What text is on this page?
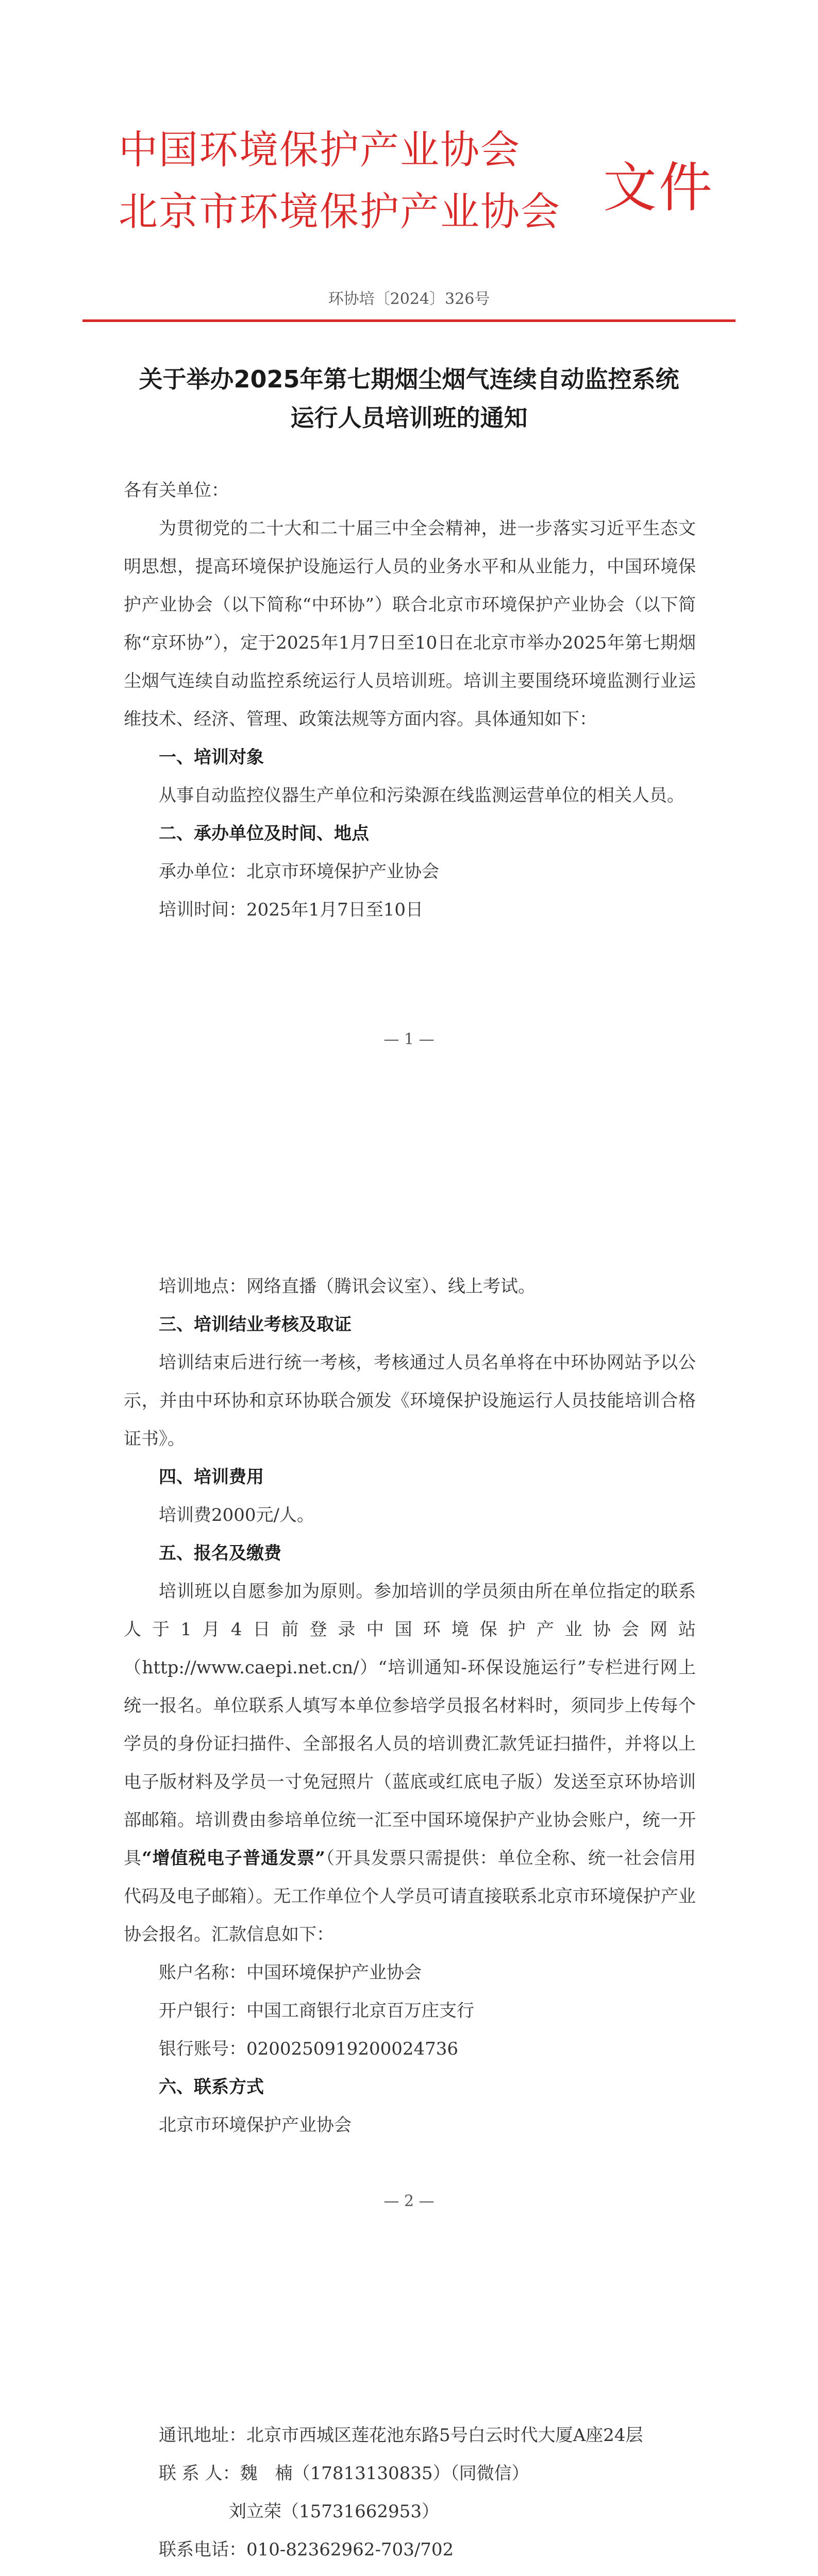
中国环境保护产业协会
北京市环境保护产业协会 文件
环协培〔2024〕326号
关于举办2025年第七期烟尘烟气连续自动监控系统
运行人员培训班的通知

各有关单位：

为贯彻党的二十大和二十届三中全会精神，进一步落实习近平生态文明思想，提高环境保护设施运行人员的业务水平和从业能力，中国环境保护产业协会（以下简称“中环协”）联合北京市环境保护产业协会（以下简称“京环协”），定于2025年1月7日至10日在北京市举办2025年第七期烟尘烟气连续自动监控系统运行人员培训班。培训主要围绕环境监测行业运维技术、经济、管理、政策法规等方面内容。具体通知如下：

一、培训对象

从事自动监控仪器生产单位和污染源在线监测运营单位的相关人员。

二、承办单位及时间、地点

承办单位：北京市环境保护产业协会

培训时间：2025年1月7日至10日

— 1 —

培训地点：网络直播（腾讯会议室）、线上考试。

三、培训结业考核及取证

培训结束后进行统一考核，考核通过人员名单将在中环协网站予以公示，并由中环协和京环协联合颁发《环境保护设施运行人员技能培训合格证书》。

四、培训费用

培训费2000元/人。

五、报名及缴费

培训班以自愿参加为原则。参加培训的学员须由所在单位指定的联系人于1月4日前登录中国环境保护产业协会网站（http://www.caepi.net.cn/）“培训通知-环保设施运行”专栏进行网上统一报名。单位联系人填写本单位参培学员报名材料时，须同步上传每个学员的身份证扫描件、全部报名人员的培训费汇款凭证扫描件，并将以上电子版材料及学员一寸免冠照片（蓝底或红底电子版）发送至京环协培训部邮箱。培训费由参培单位统一汇至中国环境保护产业协会账户，统一开具“增值税电子普通发票”（开具发票只需提供：单位全称、统一社会信用代码及电子邮箱）。无工作单位个人学员可请直接联系北京市环境保护产业协会报名。汇款信息如下：

账户名称：中国环境保护产业协会

开户银行：中国工商银行北京百万庄支行

银行账号：0200250919200024736

六、联系方式

北京市环境保护产业协会

— 2 —

通讯地址：北京市西城区莲花池东路5号白云时代大厦A座24层

联 系 人：魏　楠（17813130835）（同微信）

刘立荣（15731662953）

联系电话：010-82362962-703/702
